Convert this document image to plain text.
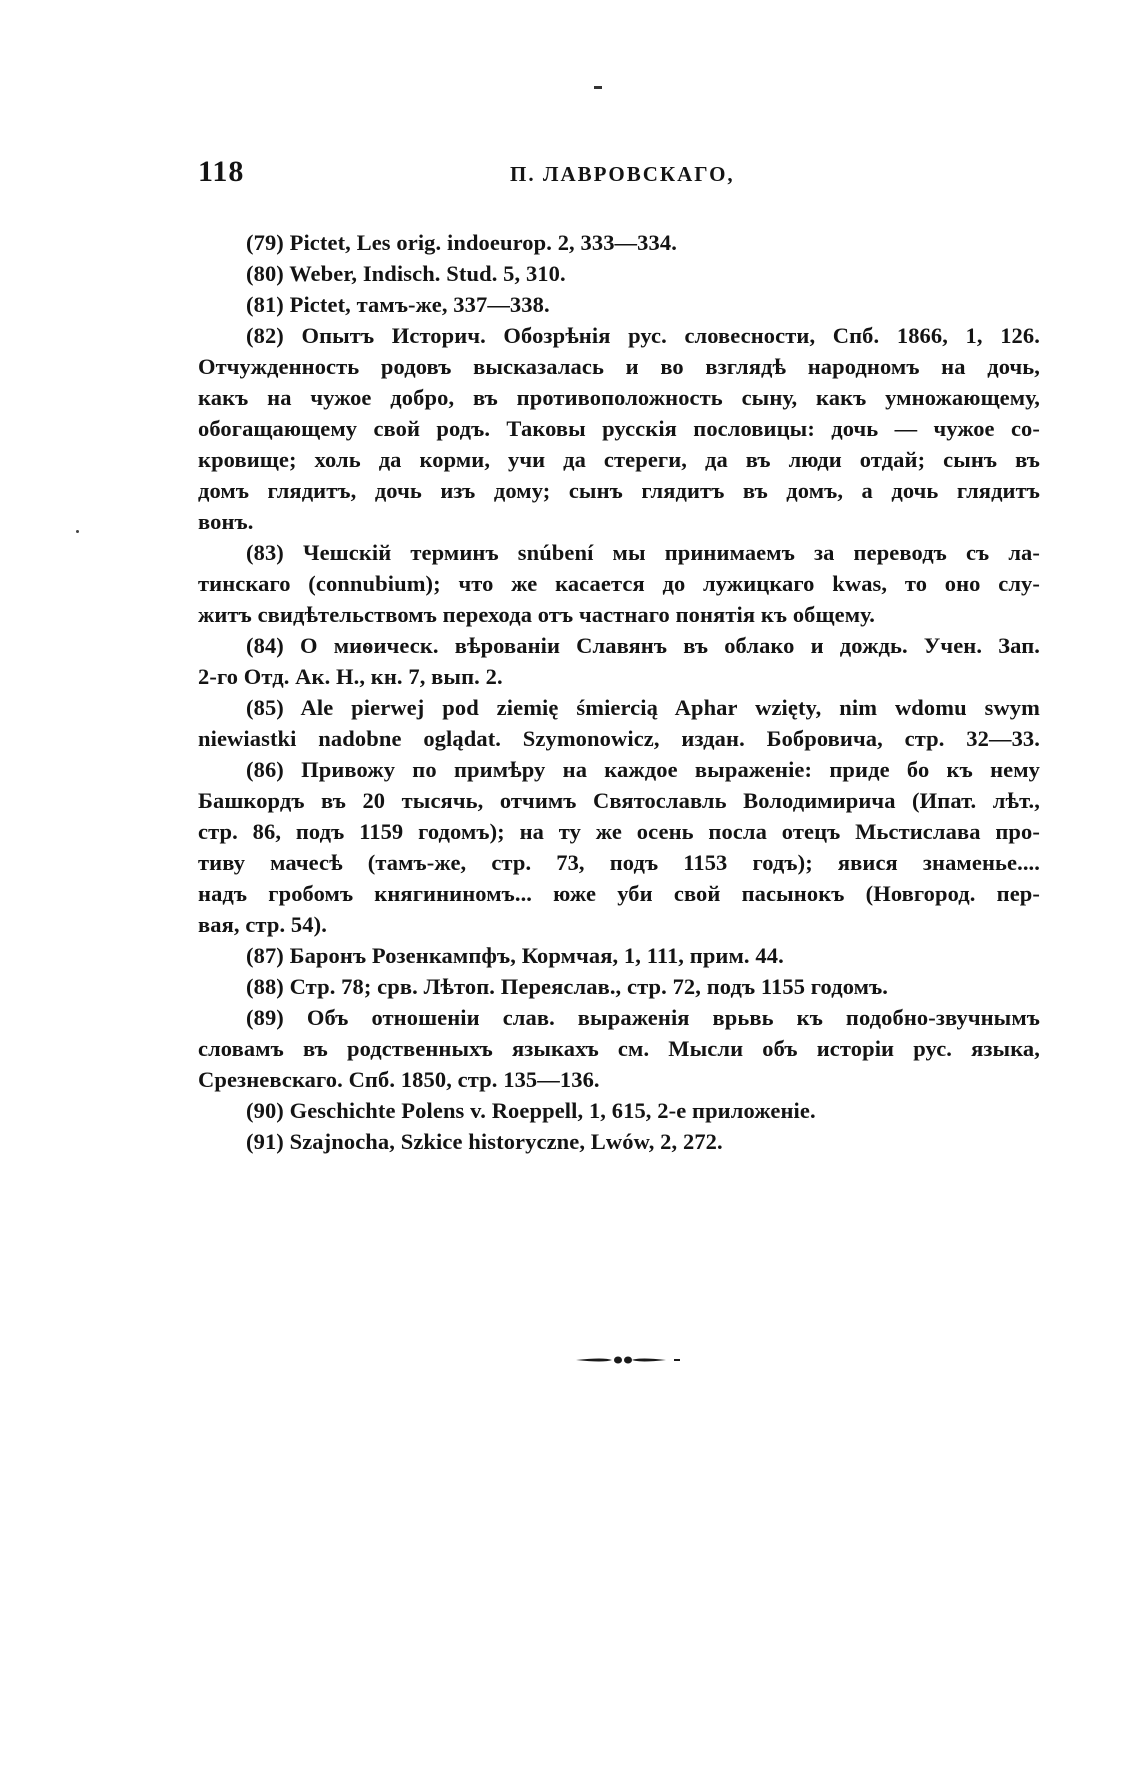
118	П. ЛАВРОВСКАГО,
(79) Pictet, Les orig. indoeurop. 2, 333—334.
(80) Weber, Indisch. Stud. 5, 310.
(81) Pictet, тамъ-же, 337—338.
(82) Опытъ Историч. Обозрѣнія рус. словесности, Спб. 1866, 1, 126.
Отчужденность родовъ высказалась и во взглядѣ народномъ на дочь,
какъ на чужое добро, въ противоположность сыну, какъ умножающему,
обогащающему свой родъ. Таковы русскія пословицы: дочь — чужое со-
кровище; холь да корми, учи да стереги, да въ люди отдай; сынъ въ
домъ глядитъ, дочь изъ дому; сынъ глядитъ въ домъ, а дочь глядитъ
вонъ.
(83) Чешскій терминъ snúbení мы принимаемъ за переводъ съ ла-
тинскаго (connubium); что же касается до лужицкаго kwas, то оно слу-
житъ свидѣтельствомъ перехода отъ частнаго понятія къ общему.
(84) О миѳическ. вѣрованіи Славянъ въ облако и дождь. Учен. Зап.
2-го Отд. Ак. Н., кн. 7, вып. 2.
(85) Ale pierwej pod ziemię śmiercią Aphar wzięty, nim wdomu swym
niewiastki nadobne oglądat. Szymonowicz, издан. Бобровича, стр. 32—33.
(86) Привожу по примѣру на каждое выраженіе: приде бо къ нему
Башкордъ въ 20 тысячь, отчимъ Святославль Володимирича (Ипат. лѣт.,
стр. 86, подъ 1159 годомъ); на ту же осень посла отецъ Мьстислава про-
тиву мачесѣ (тамъ-же, стр. 73, подъ 1153 годъ); явися знаменье....
надъ гробомъ княгининомъ... юже уби свой пасынокъ (Новгород. пер-
вая, стр. 54).
(87) Баронъ Розенкампфъ, Кормчая, 1, 111, прим. 44.
(88) Стр. 78; срв. Лѣтоп. Переяслав., стр. 72, подъ 1155 годомъ.
(89) Объ отношеніи слав. выраженія врьвь къ подобно-звучнымъ
словамъ въ родственныхъ языкахъ см. Мысли объ исторіи рус. языка,
Срезневскаго. Спб. 1850, стр. 135—136.
(90) Geschichte Polens v. Roeppell, 1, 615, 2-е приложеніе.
(91) Szajnocha, Szkice historyczne, Lwów, 2, 272.
